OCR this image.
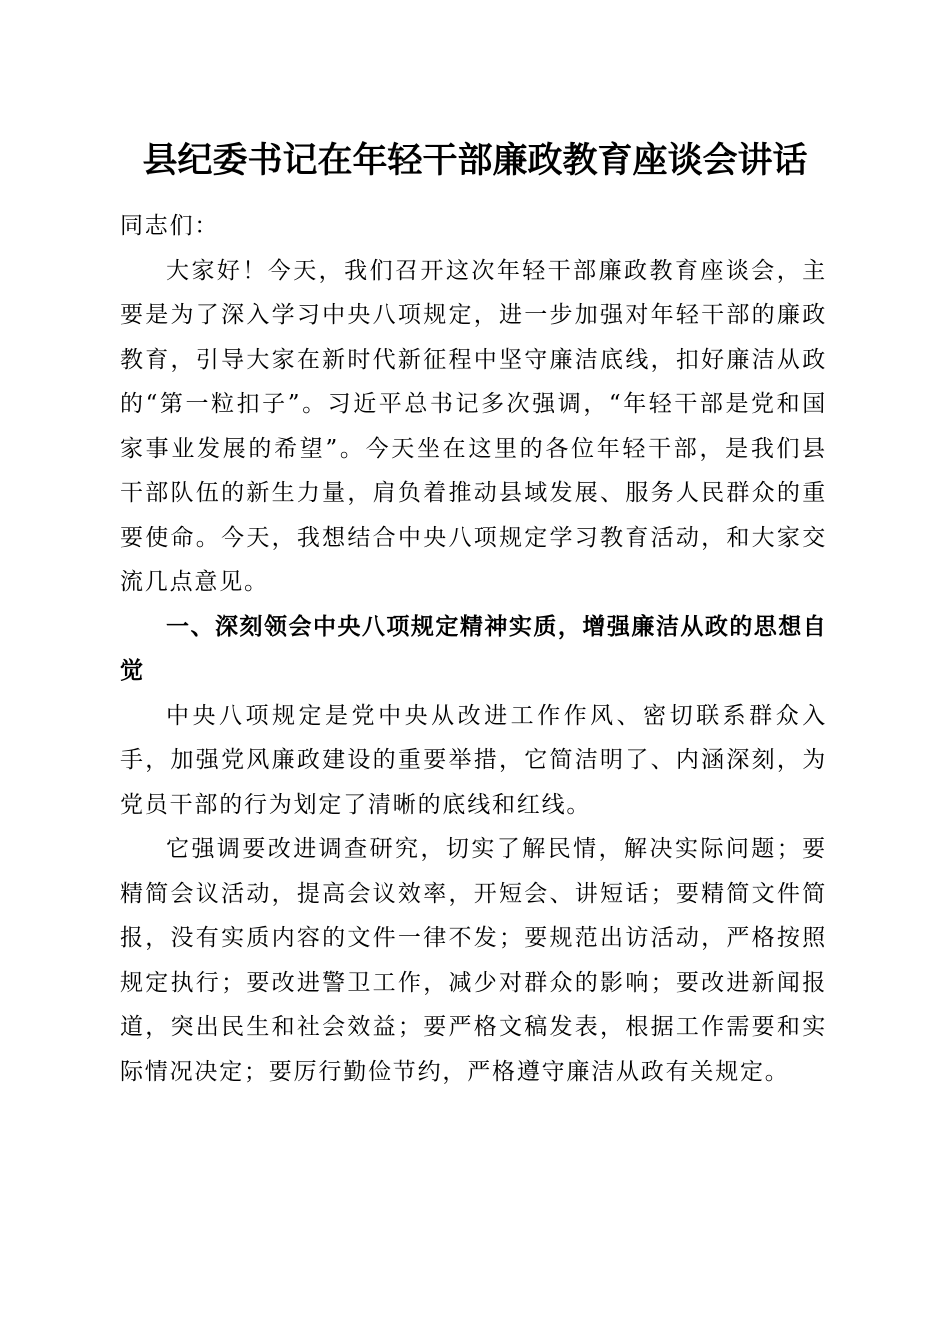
县纪委书记在年轻干部廉政教育座谈会讲话

同志们：

大家好！今天，我们召开这次年轻干部廉政教育座谈会，主要是为了深入学习中央八项规定，进一步加强对年轻干部的廉政教育，引导大家在新时代新征程中坚守廉洁底线，扣好廉洁从政的“第一粒扣子”。习近平总书记多次强调，“年轻干部是党和国家事业发展的希望”。今天坐在这里的各位年轻干部，是我们县干部队伍的新生力量，肩负着推动县域发展、服务人民群众的重要使命。今天，我想结合中央八项规定学习教育活动，和大家交流几点意见。

一、深刻领会中央八项规定精神实质，增强廉洁从政的思想自觉

中央八项规定是党中央从改进工作作风、密切联系群众入手，加强党风廉政建设的重要举措，它简洁明了、内涵深刻，为党员干部的行为划定了清晰的底线和红线。

它强调要改进调查研究，切实了解民情，解决实际问题；要精简会议活动，提高会议效率，开短会、讲短话；要精简文件简报，没有实质内容的文件一律不发；要规范出访活动，严格按照规定执行；要改进警卫工作，减少对群众的影响；要改进新闻报道，突出民生和社会效益；要严格文稿发表，根据工作需要和实际情况决定；要厉行勤俭节约，严格遵守廉洁从政有关规定。
